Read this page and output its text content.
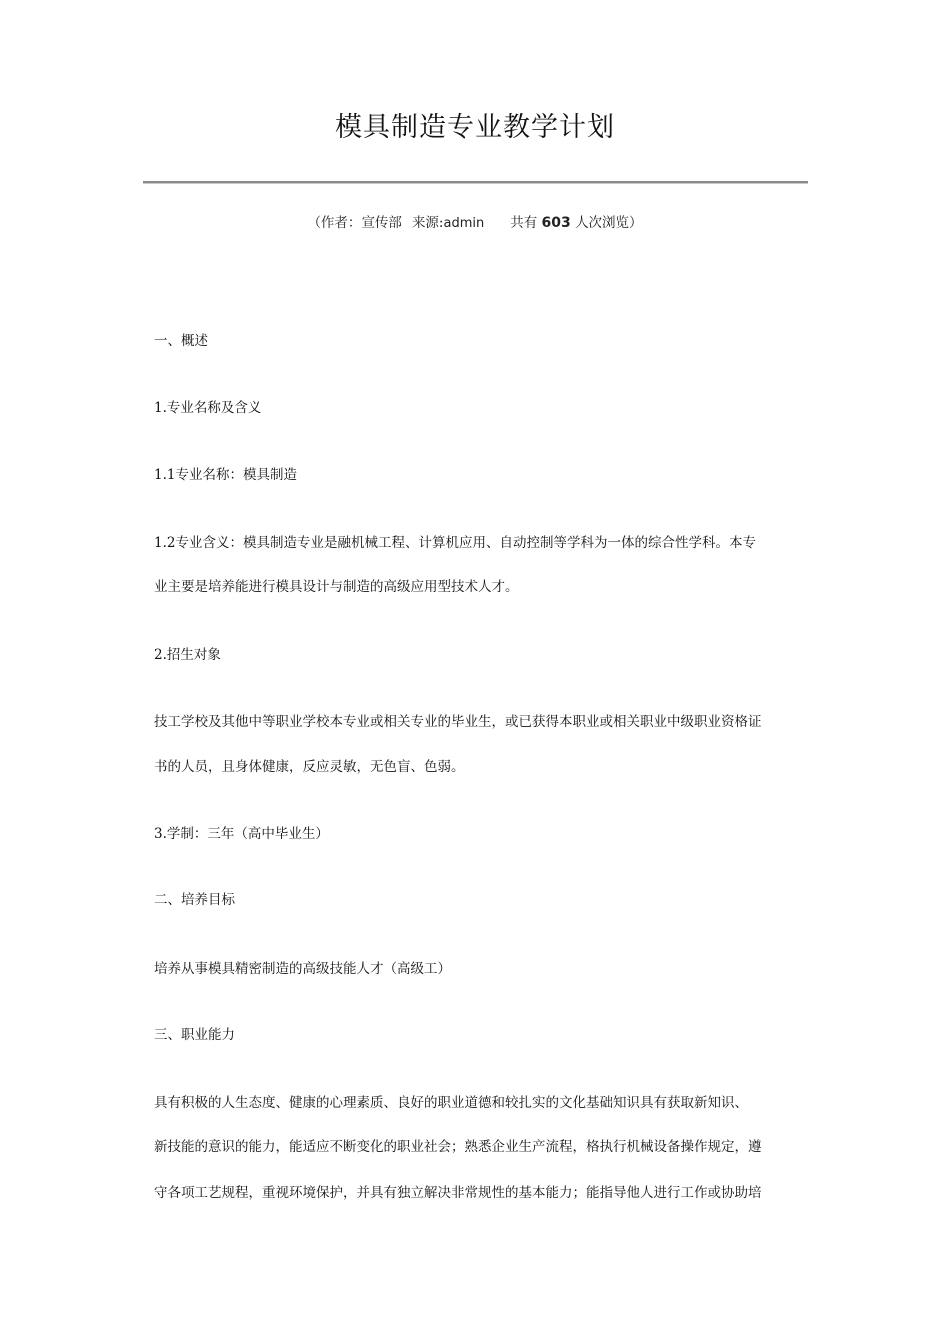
模具制造专业教学计划
（作者：宣传部 来源:admin 共有 603 人次浏览）
一、概述
1.专业名称及含义
1.1专业名称：模具制造
1.2专业含义：模具制造专业是融机械工程、计算机应用、自动控制等学科为一体的综合性学科。本专
业主要是培养能进行模具设计与制造的高级应用型技术人才。
2.招生对象
技工学校及其他中等职业学校本专业或相关专业的毕业生，或已获得本职业或相关职业中级职业资格证
书的人员，且身体健康，反应灵敏，无色盲、色弱。
3.学制：三年（高中毕业生）
二、培养目标
培养从事模具精密制造的高级技能人才（高级工）
三、职业能力
具有积极的人生态度、健康的心理素质、良好的职业道德和较扎实的文化基础知识具有获取新知识、
新技能的意识的能力，能适应不断变化的职业社会；熟悉企业生产流程，格执行机械设备操作规定，遵
守各项工艺规程，重视环境保护，并具有独立解决非常规性的基本能力；能指导他人进行工作或协助培
